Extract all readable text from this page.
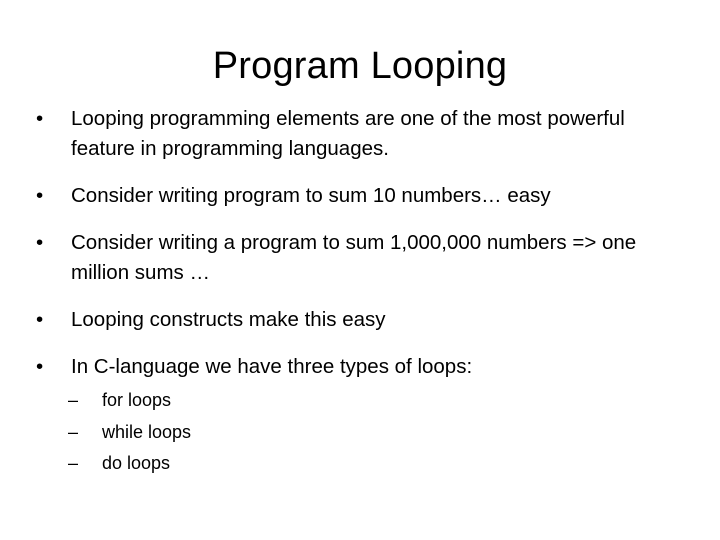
Program Looping
•	Looping programming elements are one of the most powerful feature in programming languages.
•	Consider writing program to sum 10 numbers… easy
•	Consider writing a program to sum 1,000,000 numbers => one million sums …
•	Looping constructs make this easy
•	In C-language we have three types of loops:
–	for loops
–	while loops
–	do loops
